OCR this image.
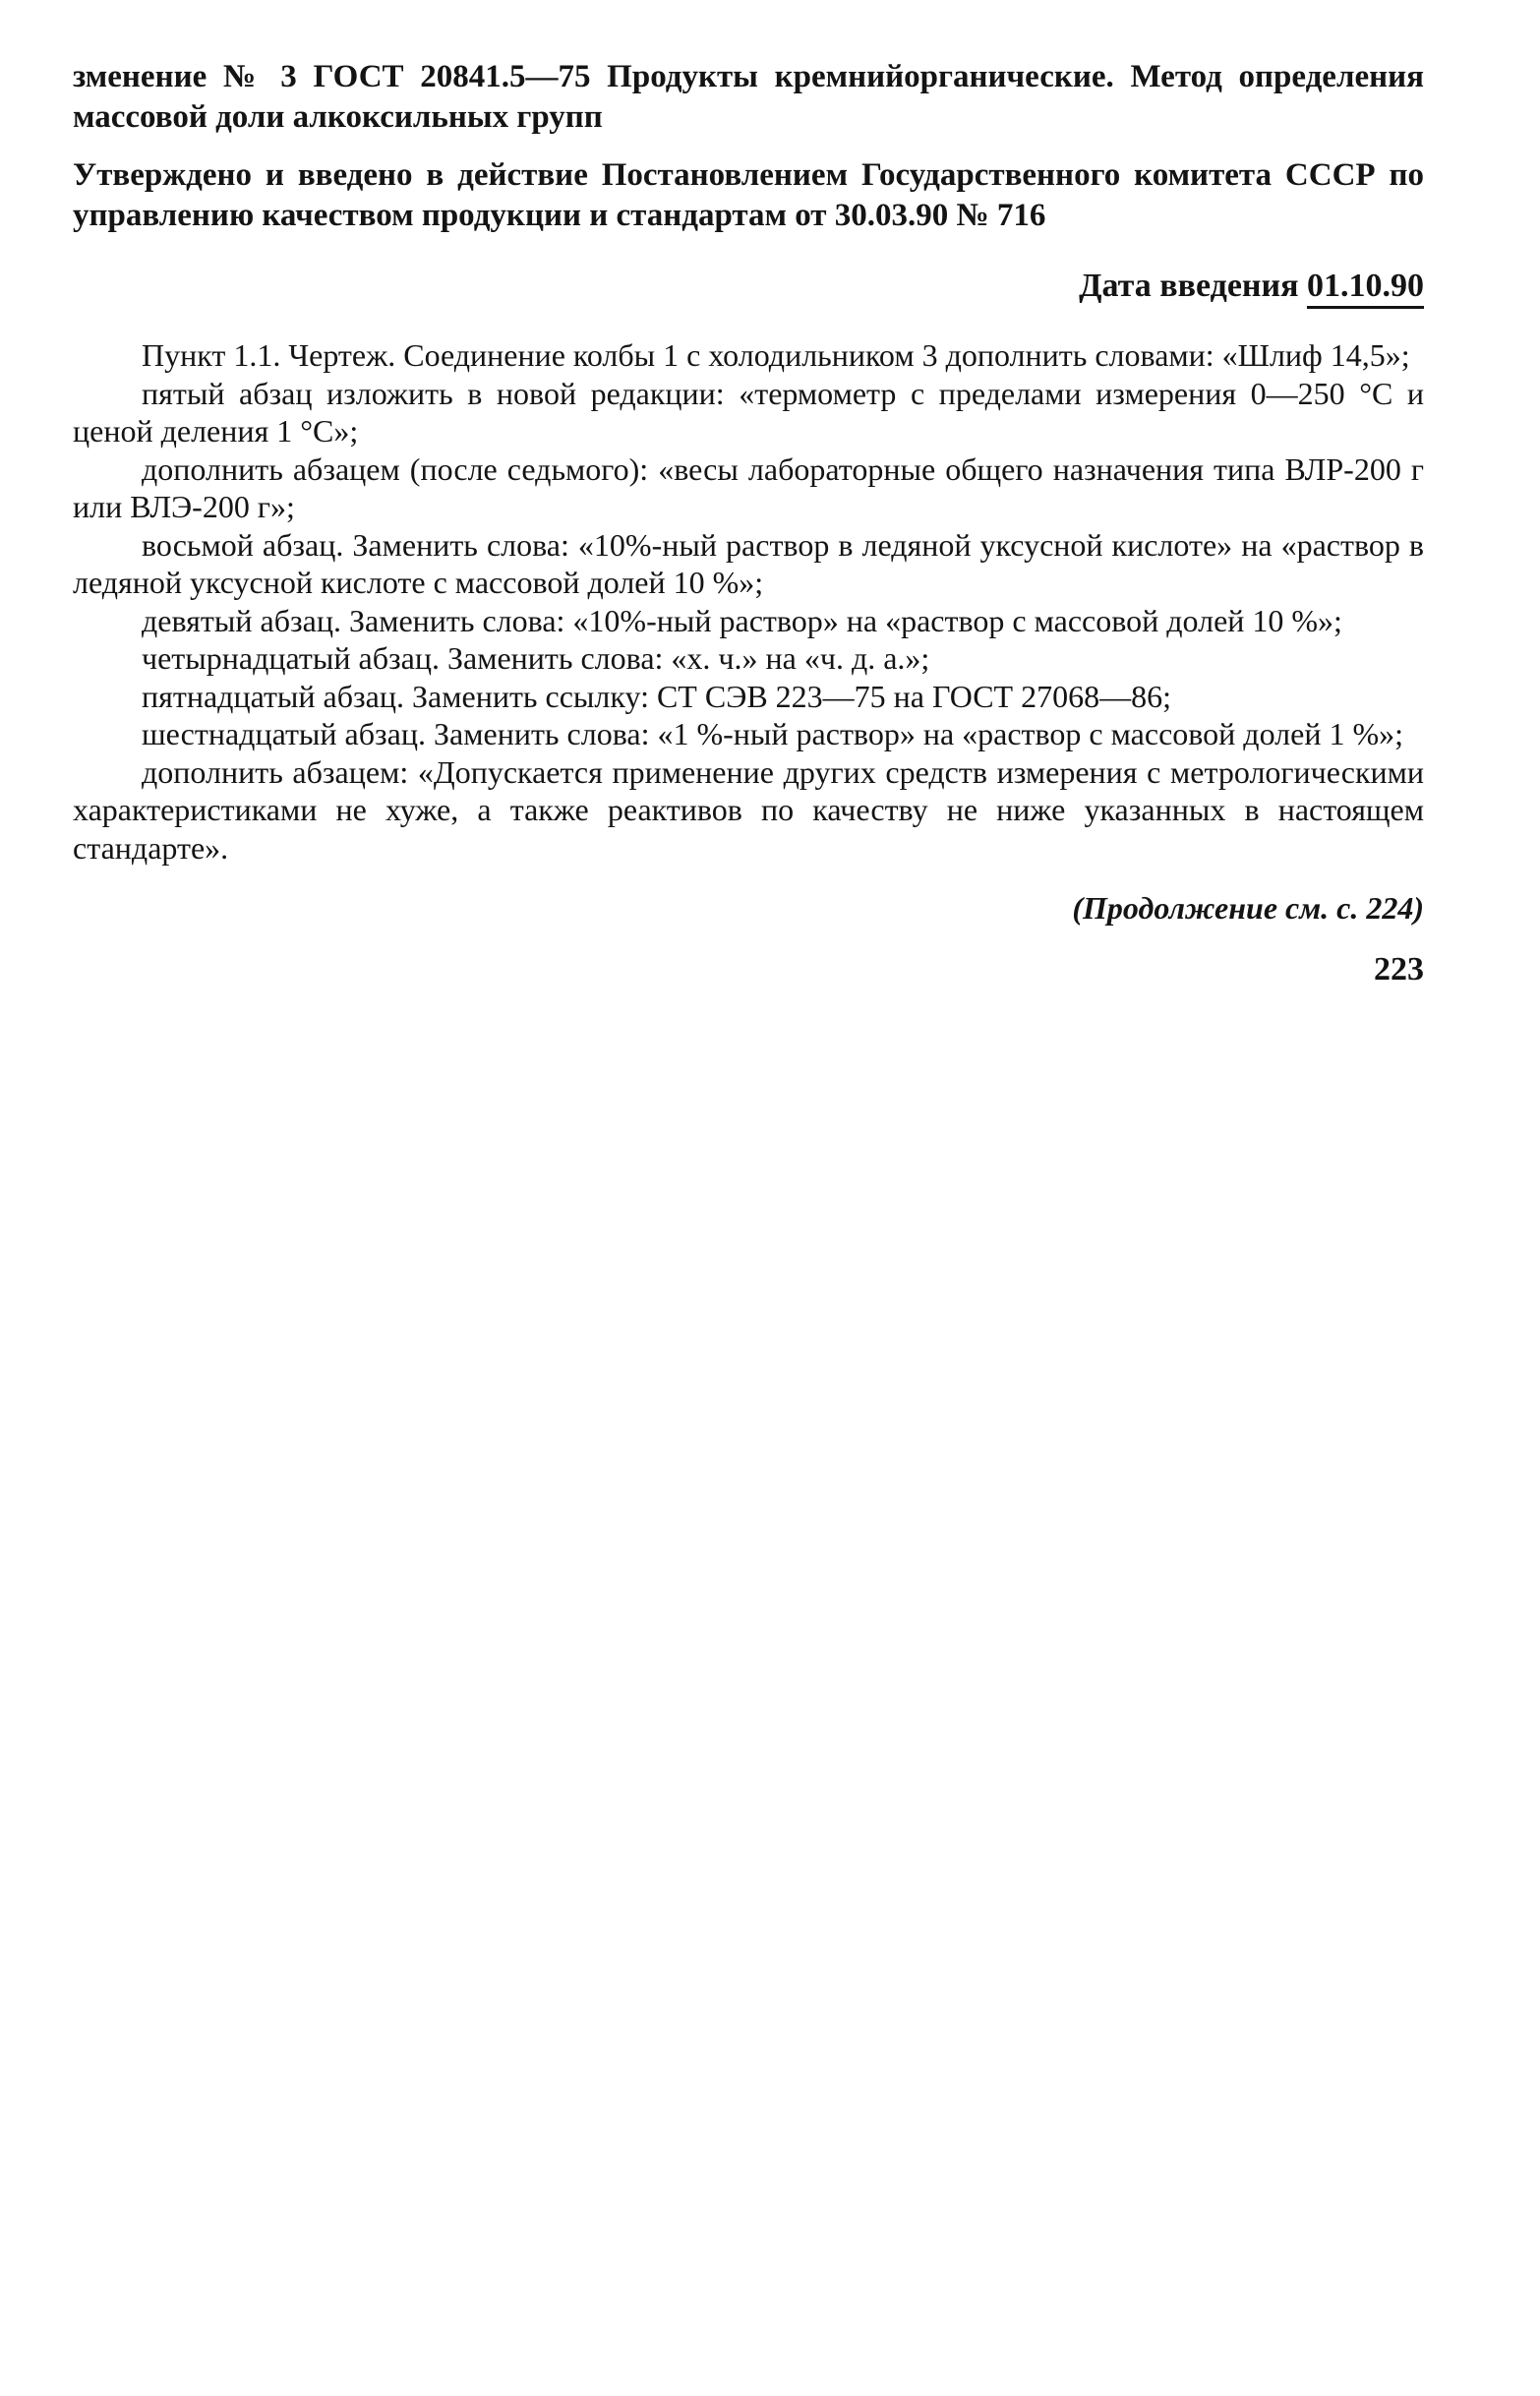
зменение № 3 ГОСТ 20841.5—75 Продукты кремнийорганические. Метод определения массовой доли алкоксильных групп

Утверждено и введено в действие Постановлением Государственного комитета СССР по управлению качеством продукции и стандартам от 30.03.90 № 716

Дата введения 01.10.90

Пункт 1.1. Чертеж. Соединение колбы 1 с холодильником 3 дополнить словами: «Шлиф 14,5»;

пятый абзац изложить в новой редакции: «термометр с пределами измерения 0—250 °С и ценой деления 1 °С»;

дополнить абзацем (после седьмого): «весы лабораторные общего назначения типа ВЛР-200 г или ВЛЭ-200 г»;

восьмой абзац. Заменить слова: «10%-ный раствор в ледяной уксусной кислоте» на «раствор в ледяной уксусной кислоте с массовой долей 10 %»;

девятый абзац. Заменить слова: «10%-ный раствор» на «раствор с массовой долей 10 %»;

четырнадцатый абзац. Заменить слова: «х. ч.» на «ч. д. а.»;

пятнадцатый абзац. Заменить ссылку: СТ СЭВ 223—75 на ГОСТ 27068—86;

шестнадцатый абзац. Заменить слова: «1 %-ный раствор» на «раствор с массовой долей 1 %»;

дополнить абзацем: «Допускается применение других средств измерения с метрологическими характеристиками не хуже, а также реактивов по качеству не ниже указанных в настоящем стандарте».

(Продолжение см. с. 224)

223
